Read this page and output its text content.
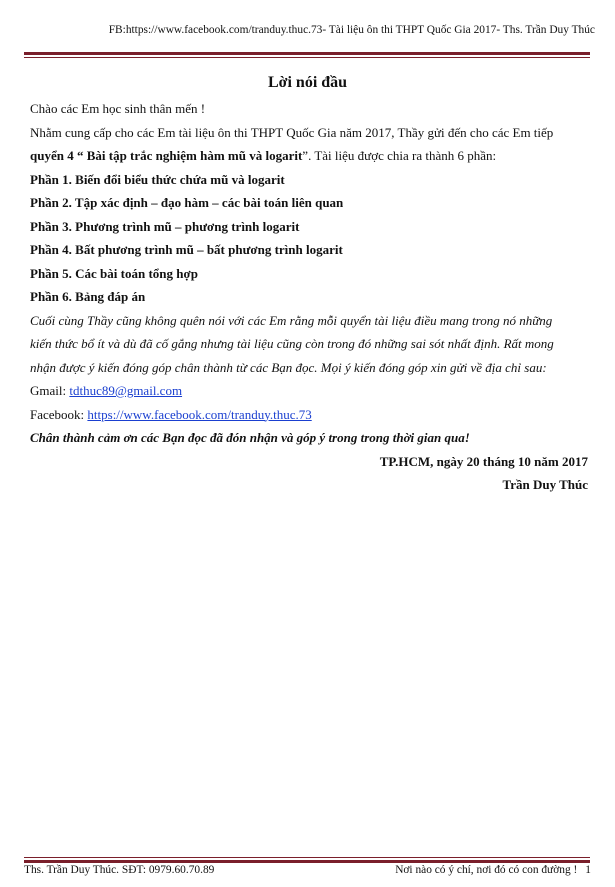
FB:https://www.facebook.com/tranduy.thuc.73- Tài liệu ôn thi THPT Quốc Gia 2017- Ths. Trần Duy Thúc
Lời nói đầu
Chào các Em học sinh thân mến !
Nhằm cung cấp cho các Em tài liệu ôn thi THPT Quốc Gia năm 2017, Thầy gửi đến cho các Em tiếp
quyển 4 “ Bài tập trắc nghiệm hàm mũ và logarit”. Tài liệu được chia ra thành 6 phần:
Phần 1. Biến đổi biểu thức chứa mũ và logarit
Phần 2. Tập xác định – đạo hàm – các bài toán liên quan
Phần 3. Phương trình mũ – phương trình logarit
Phần 4. Bất phương trình mũ – bất phương trình logarit
Phần 5. Các bài toán tổng hợp
Phần 6. Bảng đáp án
Cuối cùng Thầy cũng không quên nói với các Em rằng mỗi quyển tài liệu điều mang trong nó những
kiến thức bổ ít và dù đã cố gắng nhưng tài liệu cũng còn trong đó những sai sót nhất định. Rất mong
nhận được ý kiến đóng góp chân thành từ các Bạn đọc. Mọi ý kiến đóng góp xin gửi về địa chỉ sau:
Gmail: tdthuc89@gmail.com
Facebook: https://www.facebook.com/tranduy.thuc.73
Chân thành cảm ơn các Bạn đọc đã đón nhận và góp ý trong trong thời gian qua!
TP.HCM, ngày 20 tháng 10 năm 2017
Trần Duy Thúc
Ths. Trần Duy Thúc. SĐT: 0979.60.70.89	Nơi nào có ý chí, nơi đó có con đường ! 1
